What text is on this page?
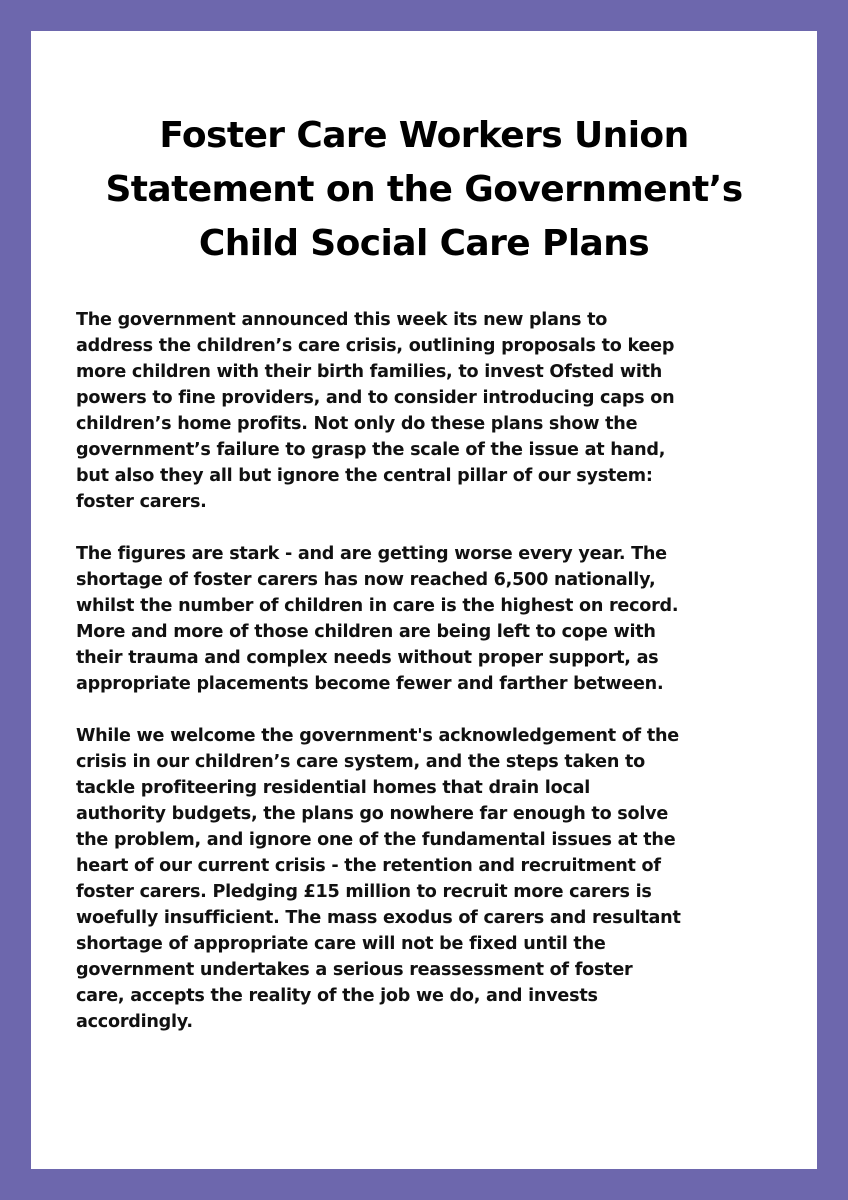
Foster Care Workers Union
Statement on the Government’s
Child Social Care Plans

The government announced this week its new plans to
address the children’s care crisis, outlining proposals to keep
more children with their birth families, to invest Ofsted with
powers to fine providers, and to consider introducing caps on
children’s home profits. Not only do these plans show the
government’s failure to grasp the scale of the issue at hand,
but also they all but ignore the central pillar of our system:
foster carers.

The figures are stark - and are getting worse every year. The
shortage of foster carers has now reached 6,500 nationally,
whilst the number of children in care is the highest on record.
More and more of those children are being left to cope with
their trauma and complex needs without proper support, as
appropriate placements become fewer and farther between.

While we welcome the government's acknowledgement of the
crisis in our children’s care system, and the steps taken to
tackle profiteering residential homes that drain local
authority budgets, the plans go nowhere far enough to solve
the problem, and ignore one of the fundamental issues at the
heart of our current crisis - the retention and recruitment of
foster carers. Pledging £15 million to recruit more carers is
woefully insufficient. The mass exodus of carers and resultant
shortage of appropriate care will not be fixed until the
government undertakes a serious reassessment of foster
care, accepts the reality of the job we do, and invests
accordingly.
